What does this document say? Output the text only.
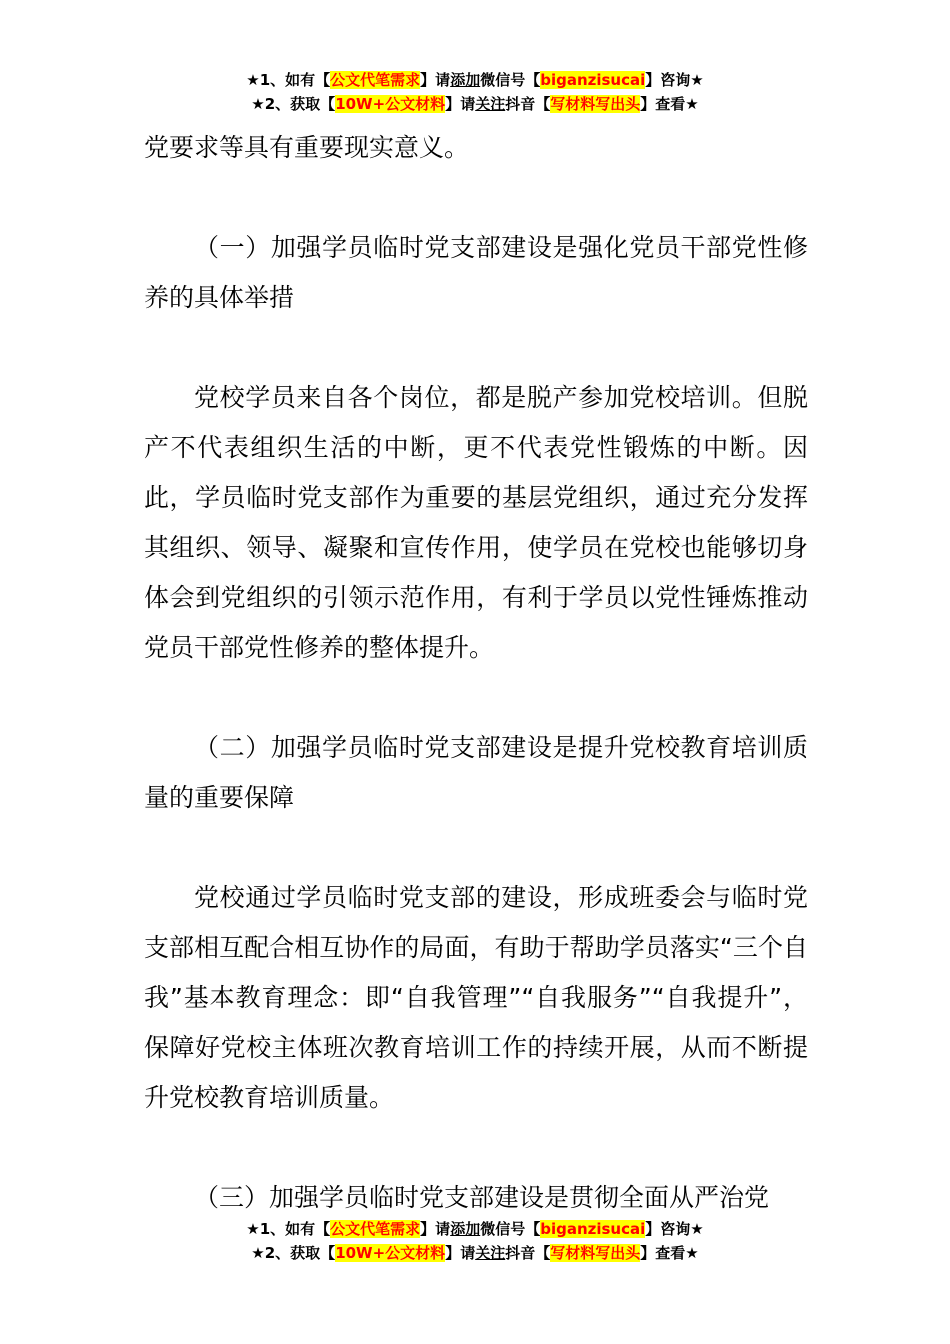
★1、如有【公文代笔需求】请添加微信号【biganzisucai】咨询★
★2、获取【10W+公文材料】请关注抖音【写材料写出头】查看★

党要求等具有重要现实意义。

（一）加强学员临时党支部建设是强化党员干部党性修养的具体举措

党校学员来自各个岗位，都是脱产参加党校培训。但脱产不代表组织生活的中断，更不代表党性锻炼的中断。因此，学员临时党支部作为重要的基层党组织，通过充分发挥其组织、领导、凝聚和宣传作用，使学员在党校也能够切身体会到党组织的引领示范作用，有利于学员以党性锤炼推动党员干部党性修养的整体提升。

（二）加强学员临时党支部建设是提升党校教育培训质量的重要保障

党校通过学员临时党支部的建设，形成班委会与临时党支部相互配合相互协作的局面，有助于帮助学员落实“三个自我”基本教育理念：即“自我管理”“自我服务”“自我提升”，保障好党校主体班次教育培训工作的持续开展，从而不断提升党校教育培训质量。

（三）加强学员临时党支部建设是贯彻全面从严治党

★1、如有【公文代笔需求】请添加微信号【biganzisucai】咨询★
★2、获取【10W+公文材料】请关注抖音【写材料写出头】查看★
